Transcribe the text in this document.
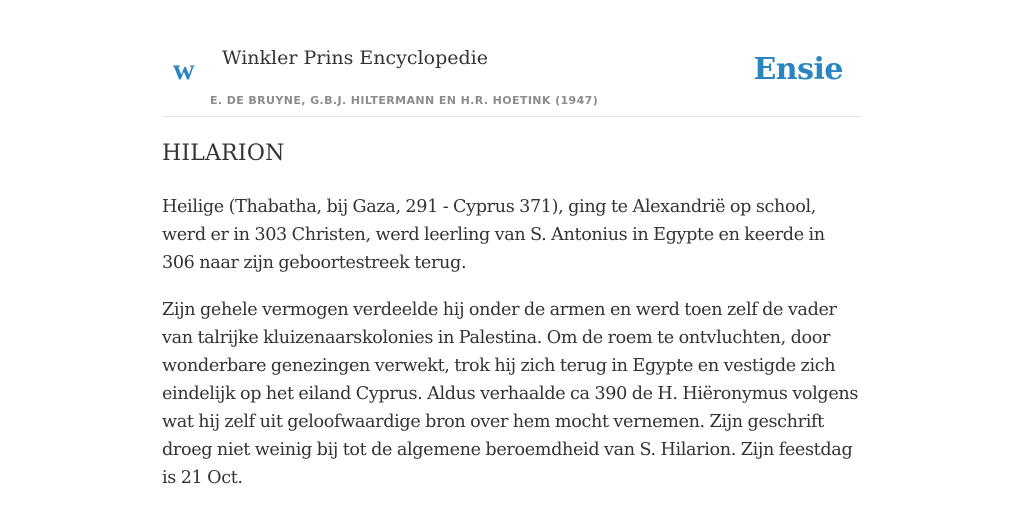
w Winkler Prins Encyclopedie
E. DE BRUYNE, G.B.J. HILTERMANN EN H.R. HOETINK (1947)
Ensie
HILARION

Heilige (Thabatha, bij Gaza, 291 - Cyprus 371), ging te Alexandrië op school, werd er in 303 Christen, werd leerling van S. Antonius in Egypte en keerde in 306 naar zijn geboortestreek terug.

Zijn gehele vermogen verdeelde hij onder de armen en werd toen zelf de vader van talrijke kluizenaarskolonies in Palestina. Om de roem te ontvluchten, door wonderbare genezingen verwekt, trok hij zich terug in Egypte en vestigde zich eindelijk op het eiland Cyprus. Aldus verhaalde ca 390 de H. Hiëronymus volgens wat hij zelf uit geloofwaardige bron over hem mocht vernemen. Zijn geschrift droeg niet weinig bij tot de algemene beroemdheid van S. Hilarion. Zijn feestdag is 21 Oct.
